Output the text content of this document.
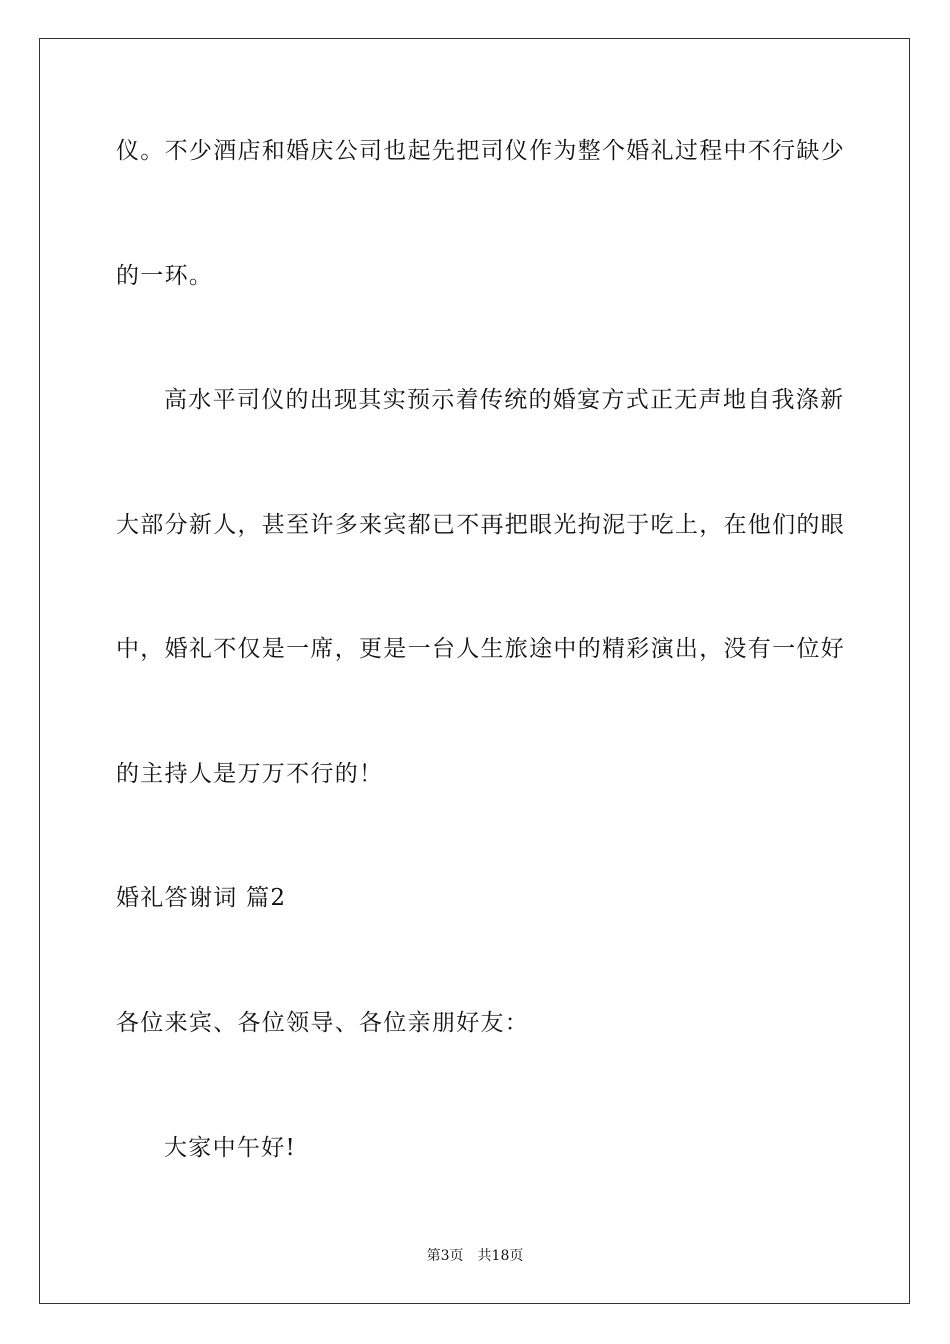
仪。不少酒店和婚庆公司也起先把司仪作为整个婚礼过程中不行缺少
的一环。
高水平司仪的出现其实预示着传统的婚宴方式正无声地自我涤新
大部分新人，甚至许多来宾都已不再把眼光拘泥于吃上，在他们的眼
中，婚礼不仅是一席，更是一台人生旅途中的精彩演出，没有一位好
的主持人是万万不行的！
婚礼答谢词 篇2
各位来宾、各位领导、各位亲朋好友：
大家中午好!
第3页 共18页
